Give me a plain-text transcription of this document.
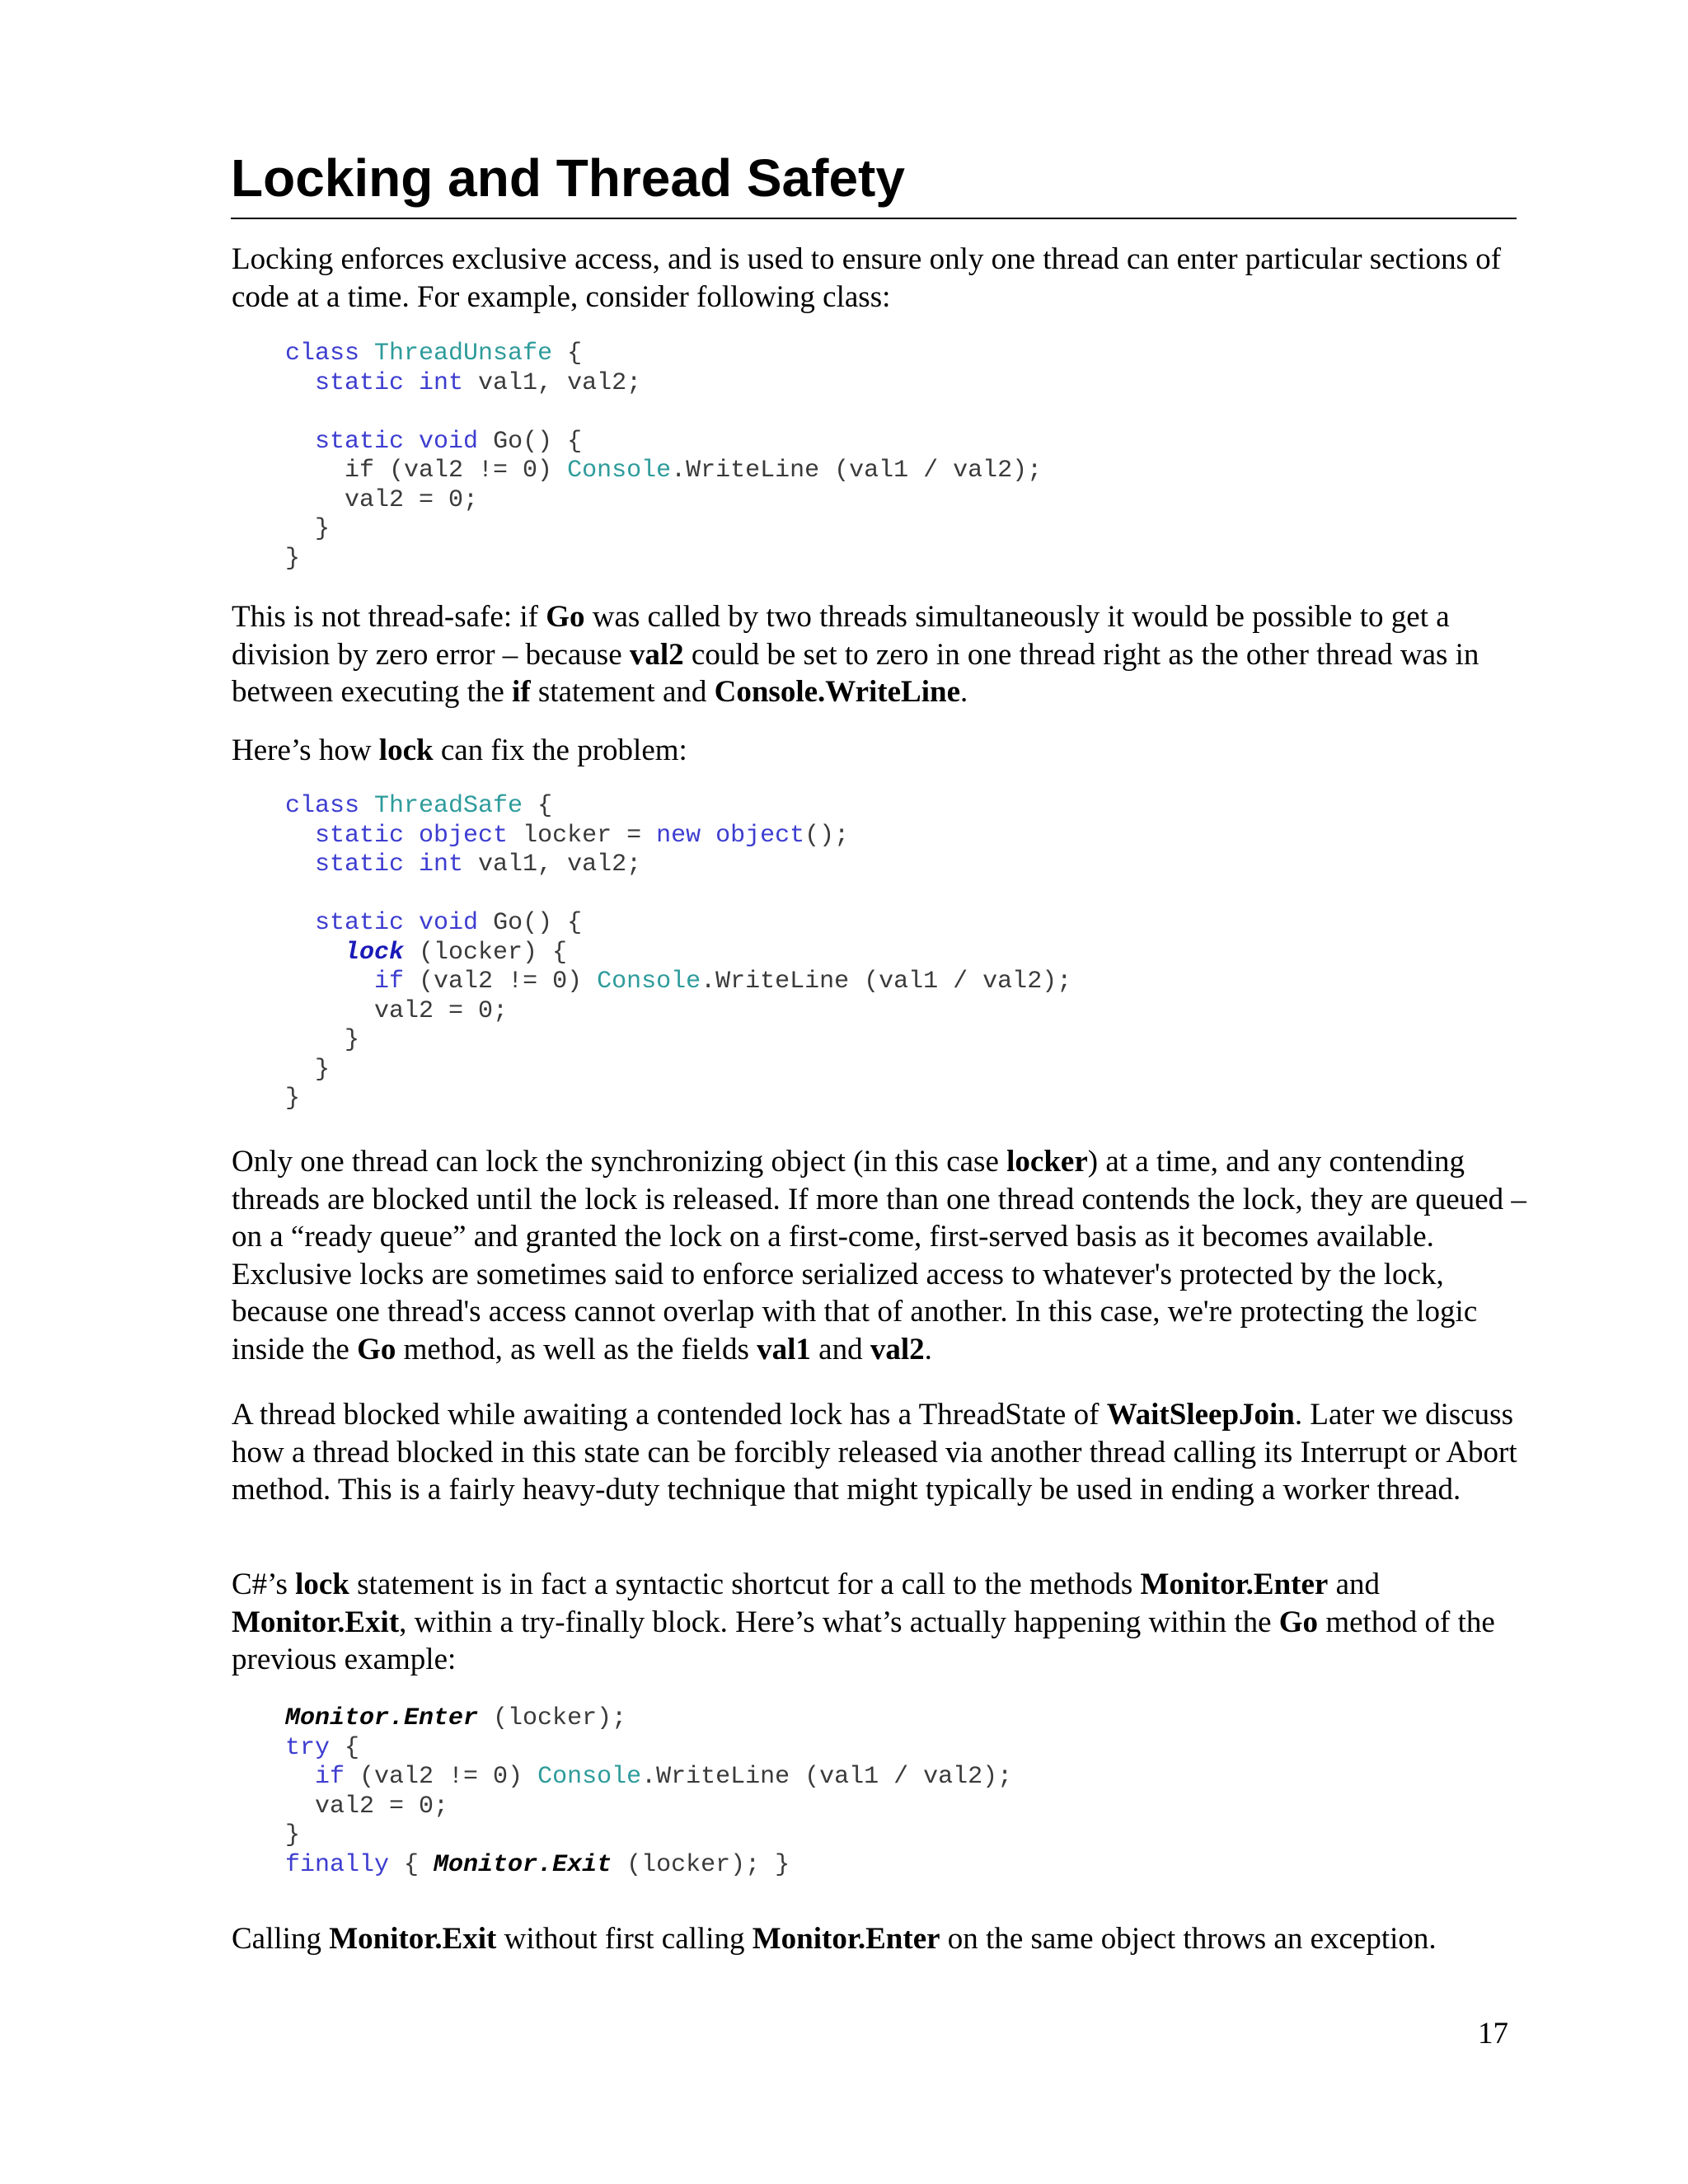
Locking and Thread Safety

Locking enforces exclusive access, and is used to ensure only one thread can enter particular sections of code at a time. For example, consider following class:

class ThreadUnsafe {
static int val1, val2;

static void Go() {
if (val2 != 0) Console.WriteLine (val1 / val2);
val2 = 0;
}
}

This is not thread-safe: if Go was called by two threads simultaneously it would be possible to get a division by zero error – because val2 could be set to zero in one thread right as the other thread was in between executing the if statement and Console.WriteLine.

Here’s how lock can fix the problem:

class ThreadSafe {
static object locker = new object();
static int val1, val2;

static void Go() {
lock (locker) {
if (val2 != 0) Console.WriteLine (val1 / val2);
val2 = 0;
}
}
}

Only one thread can lock the synchronizing object (in this case locker) at a time, and any contending threads are blocked until the lock is released. If more than one thread contends the lock, they are queued – on a “ready queue” and granted the lock on a first-come, first-served basis as it becomes available. Exclusive locks are sometimes said to enforce serialized access to whatever's protected by the lock, because one thread's access cannot overlap with that of another. In this case, we're protecting the logic inside the Go method, as well as the fields val1 and val2.

A thread blocked while awaiting a contended lock has a ThreadState of WaitSleepJoin. Later we discuss how a thread blocked in this state can be forcibly released via another thread calling its Interrupt or Abort method. This is a fairly heavy-duty technique that might typically be used in ending a worker thread.

C#’s lock statement is in fact a syntactic shortcut for a call to the methods Monitor.Enter and Monitor.Exit, within a try-finally block. Here’s what’s actually happening within the Go method of the previous example:

Monitor.Enter (locker);
try {
if (val2 != 0) Console.WriteLine (val1 / val2);
val2 = 0;
}
finally { Monitor.Exit (locker); }

Calling Monitor.Exit without first calling Monitor.Enter on the same object throws an exception.

17
